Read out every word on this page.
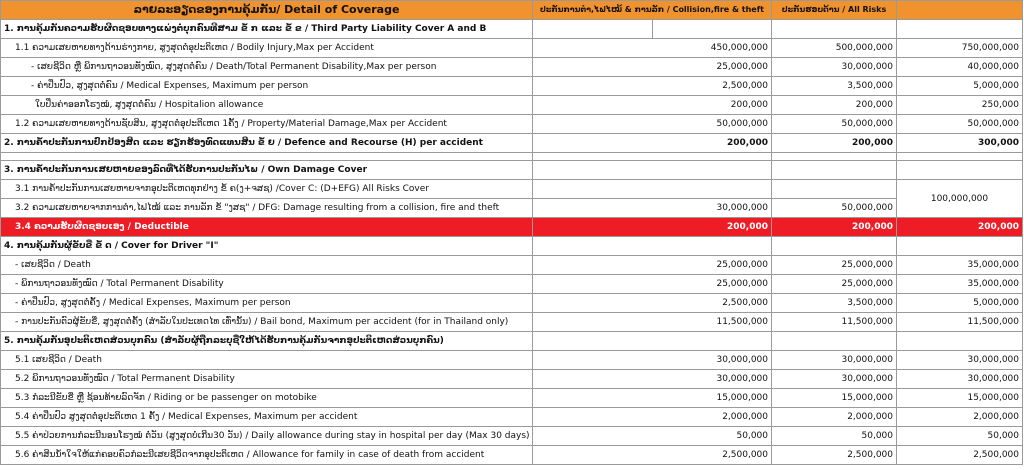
ລາຍລະອຽດຂອງການຄຸ້ມກັນ/ Detail of Coverage	ປະກັນການຕຳ,ໄຟໄໝ້ & ການລັກ / Collision,fire & theft		ປະກັນຮອບດ້ານ / All Risks	
1. ການຄຸ້ມກັນຄວາມຮັບຜິດຊອບທາງແພ່ງຕໍ່ບຸກຄົນທີສາມ ຂໍ້ ກ ແລະ ຂໍ້ ຂ / Third Party Liability Cover A and B				
1.1 ຄວາມເສຍຫາຍທາງດ້ານຮ່າງກາຍ, ສູງສຸດຕໍ່ອຸປະຕິເຫດ / Bodily Injury,Max per Accident	450,000,000		500,000,000	750,000,000
- ເສຍຊີວິດ ຫຼື ພິການຖາວອນທັງໝົດ, ສູງສຸດຕໍ່ຄົນ / Death/Total Permanent Disability,Max per person	25,000,000		30,000,000	40,000,000
- ຄ່າປິ່ນປົວ, ສູງສຸດຕໍ່ຄົນ / Medical Expenses, Maximum per person	2,500,000		3,500,000	5,000,000
ໃບປິ່ນຄ່າອອກໂຮງໝໍ, ສູງສຸດຕໍ່ຄົນ / Hospitalion allowance	200,000		200,000	250,000
1.2 ຄວາມເສຍຫາຍທາງດ້ານຊັບສິນ, ສູງສຸດຕໍ່ອຸປະຕິເຫດ 1ຄັ້ງ / Property/Material Damage,Max per Accident	50,000,000		50,000,000	50,000,000
2. ການຄ້ຳປະກັນການປົກປ້ອງສິດ ແລະ ຮຽກຮ້ອງທົດແທນສິນ ຂໍ້ ຍ / Defence and Recourse (H) per accident	200,000		200,000	300,000

3. ການຄ້ຳປະກັນການເສຍຫາຍຂອງລົດທີ່ໄດ້ຮັບການປະກັນໄພ / Own Damage Cover				
3.1 ການຄ້ຳປະກັນການເສຍຫາຍຈາກອຸປະຕິເຫດທຸກຢ່າງ ຂໍ້ ຄ(ງ+ຈສຊ) /Cover C: (D+EFG) All Risks Cover				100,000,000
3.2 ຄວາມເສຍຫາຍຈາກການຕຳ,ໄຟໄໝ້ ແລະ ການລັກ ຂໍ້ "ງສຊ" / DFG: Damage resulting from a collision, fire and theft	30,000,000		50,000,000	
3.4 ຄວາມຮັບຜິດຊອບເອງ / Deductible	200,000		200,000	200,000
4. ການຄຸ້ມກັນຜູ້ຂັບຂີ່ ຂໍ້ ດ / Cover for Driver "I"				
- ເສຍຊີວິດ / Death	25,000,000		25,000,000	35,000,000
- ພິການຖາວອນທັງໝົດ / Total Permanent Disability	25,000,000		25,000,000	35,000,000
- ຄ່າປິ່ນປົວ, ສູງສຸດຕໍ່ຄັ້ງ / Medical Expenses, Maximum per person	2,500,000		3,500,000	5,000,000
- ການປະກັນຕົວຜູ້ຂັບຂີ່, ສູງສຸດຕໍ່ຄັ້ງ (ສຳລັບໃນປະເທດໄທ ເທົ່ານັ້ນ) / Bail bond, Maximum per accident (for in Thailand only)	11,500,000		11,500,000	11,500,000
5. ການຄຸ້ມກັນອຸປະຕິເຫດສ່ວນບຸກຄົນ (ສຳລັບຜູ້ຖືກລະບຸຊື່ໃຫ້ໄດ້ຮັບການຄຸ້ມກັນຈາກອຸປະຕິເຫດສ່ວນບຸກຄົນ)				
5.1 ເສຍຊີວິດ / Death	30,000,000		30,000,000	30,000,000
5.2 ພິການຖາວອນທັງໝົດ / Total Permanent Disability	30,000,000		30,000,000	30,000,000
5.3 ກໍລະນີຂັບຂີ່ ຫຼື ຊ້ອນທ້າຍລົດຈັກ / Riding or be passenger on motobike	15,000,000		15,000,000	15,000,000
5.4 ຄ່າປິ່ນປົວ ສູງສຸດຕໍ່ອຸປະຕິເຫດ 1 ຄັ້ງ / Medical Expenses, Maximum per accident	2,000,000		2,000,000	2,000,000
5.5 ຄ່າປ່ວຍການກໍລະນີນອນໂຮງໝໍ ຕໍ່ວັນ (ສູງສຸດບໍ່ເກີນ30 ວັນ) / Daily allowance during stay in hospital per day (Max 30 days)	50,000		50,000	50,000
5.6 ຄ່າສິນນ້ຳໃຈໃຫ້ແກ່ຄອບຄົວກໍລະນີເສຍຊີວິດຈາກອຸປະຕິເຫດ / Allowance for family in case of death from accident	2,500,000		2,500,000	2,500,000
